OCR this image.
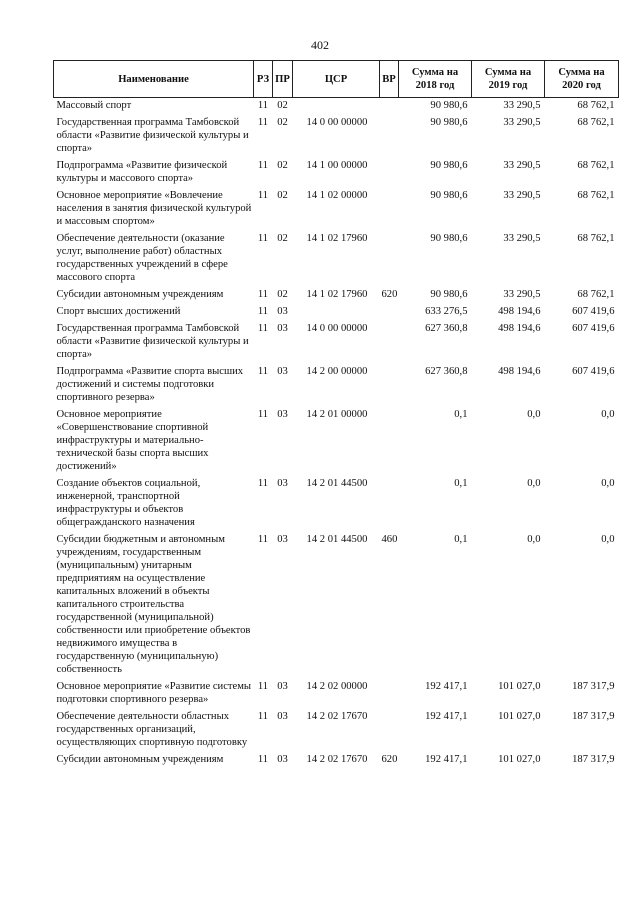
402
Наименование	РЗ	ПР	ЦСР	ВР	Сумма на 2018 год	Сумма на 2019 год	Сумма на 2020 год
Массовый спорт	11	02			90 980,6	33 290,5	68 762,1
Государственная программа Тамбовской области «Развитие физической культуры и спорта»	11	02	14 0 00 00000		90 980,6	33 290,5	68 762,1
Подпрограмма «Развитие физической культуры и массового спорта»	11	02	14 1 00 00000		90 980,6	33 290,5	68 762,1
Основное мероприятие «Вовлечение населения в занятия физической культурой и массовым спортом»	11	02	14 1 02 00000		90 980,6	33 290,5	68 762,1
Обеспечение деятельности (оказание услуг, выполнение работ) областных государственных учреждений в сфере массового спорта	11	02	14 1 02 17960		90 980,6	33 290,5	68 762,1
Субсидии автономным учреждениям	11	02	14 1 02 17960	620	90 980,6	33 290,5	68 762,1
Спорт высших достижений	11	03			633 276,5	498 194,6	607 419,6
Государственная программа Тамбовской области «Развитие физической культуры и спорта»	11	03	14 0 00 00000		627 360,8	498 194,6	607 419,6
Подпрограмма «Развитие спорта высших достижений и системы подготовки спортивного резерва»	11	03	14 2 00 00000		627 360,8	498 194,6	607 419,6
Основное мероприятие «Совершенствование спортивной инфраструктуры и материально-технической базы спорта высших достижений»	11	03	14 2 01 00000		0,1	0,0	0,0
Создание объектов социальной, инженерной, транспортной инфраструктуры и объектов общегражданского назначения	11	03	14 2 01 44500		0,1	0,0	0,0
Субсидии бюджетным и автономным учреждениям, государственным (муниципальным) унитарным предприятиям на осуществление капитальных вложений в объекты капитального строительства государственной (муниципальной) собственности или приобретение объектов недвижимого имущества в государственную (муниципальную) собственность	11	03	14 2 01 44500	460	0,1	0,0	0,0
Основное мероприятие «Развитие системы подготовки спортивного резерва»	11	03	14 2 02 00000		192 417,1	101 027,0	187 317,9
Обеспечение деятельности областных государственных организаций, осуществляющих спортивную подготовку	11	03	14 2 02 17670		192 417,1	101 027,0	187 317,9
Субсидии автономным учреждениям	11	03	14 2 02 17670	620	192 417,1	101 027,0	187 317,9
